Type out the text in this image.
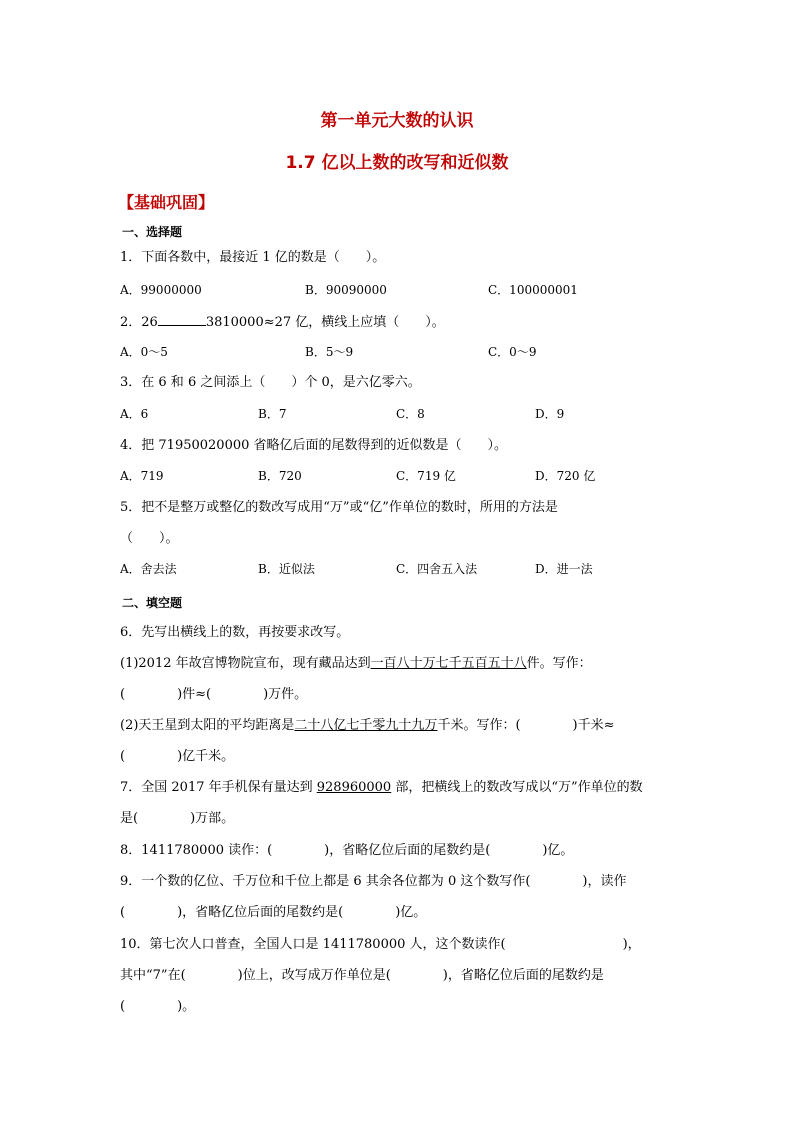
第一单元大数的认识
1.7 亿以上数的改写和近似数
【基础巩固】
一、选择题
1．下面各数中，最接近 1 亿的数是（　　）。
A．99000000	B．90090000	C．100000001
2．26	3810000≈27 亿，横线上应填（　　）。
A．0～5	B．5～9	C．0～9
3．在 6 和 6 之间添上（　　）个 0，是六亿零六。
A．6	B．7	C．8	D．9
4．把 71950020000 省略亿后面的尾数得到的近似数是（　　）。
A．719	B．720	C．719 亿	D．720 亿
5．把不是整万或整亿的数改写成用“万”或“亿”作单位的数时，所用的方法是
（　　）。
A．舍去法	B．近似法	C．四舍五入法	D．进一法
二、填空题
6．先写出横线上的数，再按要求改写。
(1)2012 年故宫博物院宣布，现有藏品达到一百八十万七千五百五十八件。写作：
(　　　　)件≈(　　　　)万件。
(2)天王星到太阳的平均距离是二十八亿七千零九十九万千米。写作：(　　　　)千米≈
(　　　　)亿千米。
7．全国 2017 年手机保有量达到 928960000 部，把横线上的数改写成以“万”作单位的数
是(　　　　)万部。
8．1411780000 读作：(　　　　)，省略亿位后面的尾数约是(　　　　)亿。
9．一个数的亿位、千万位和千位上都是 6 其余各位都为 0 这个数写作(　　　　)，读作
(　　　　)，省略亿位后面的尾数约是(　　　　)亿。
10．第七次人口普查，全国人口是 1411780000 人，这个数读作(　　　　　　　　　)，
其中“7”在(　　　　)位上，改写成万作单位是(　　　　)，省略亿位后面的尾数约是
(　　　　)。
